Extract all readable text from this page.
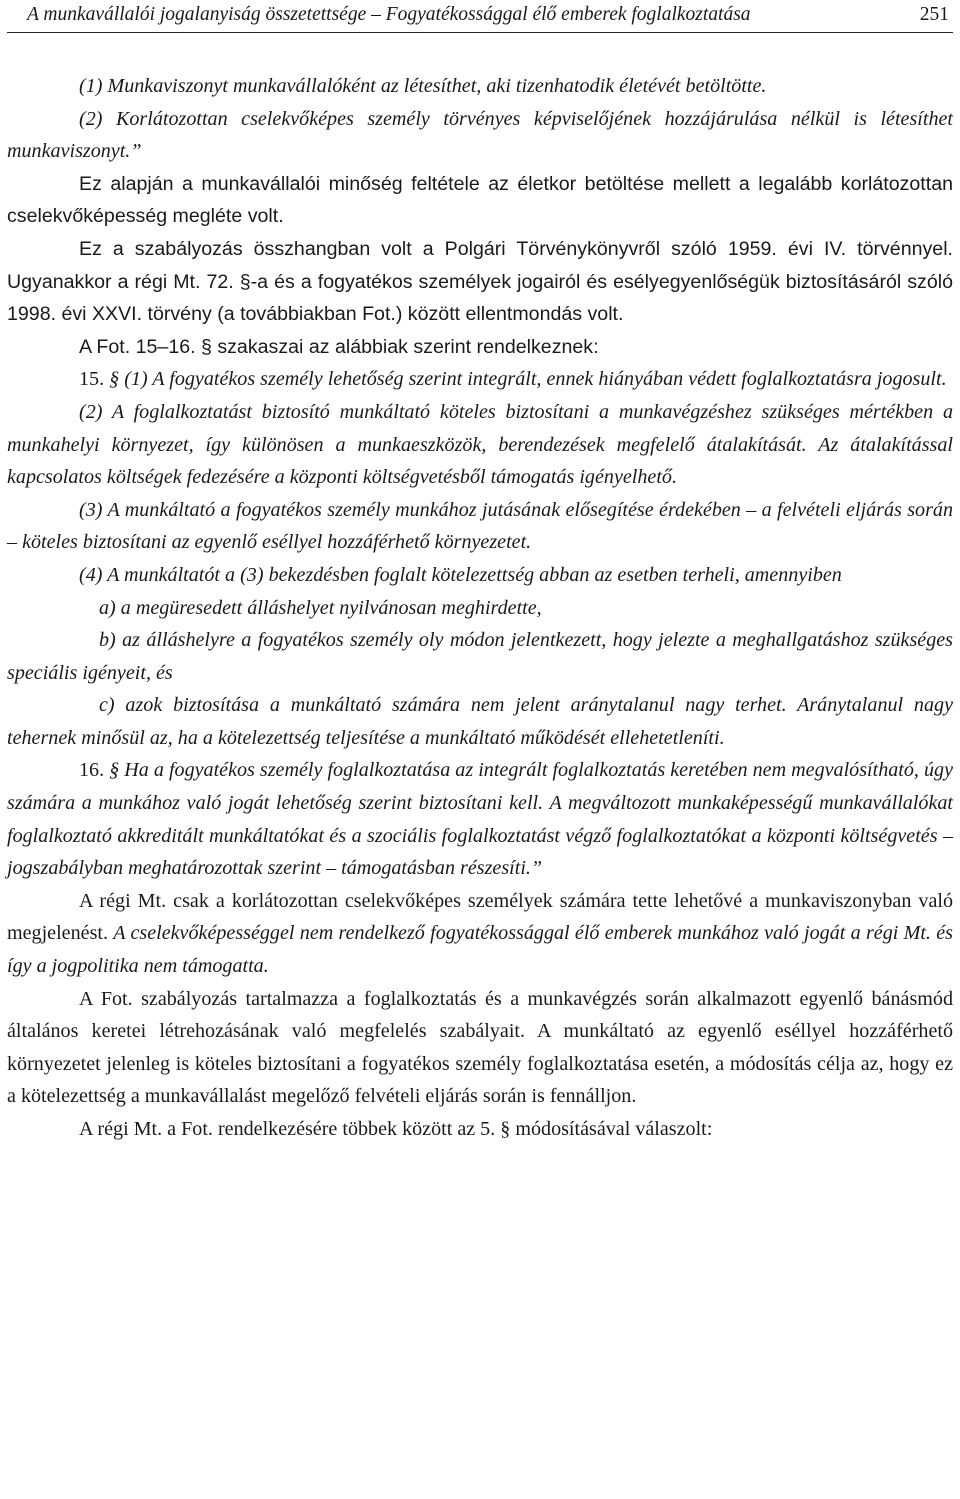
A munkavállalói jogalanyiság összetettsége – Fogyatékossággal élő emberek foglalkoztatása	251

(1) Munkaviszonyt munkavállalóként az létesíthet, aki tizenhatodik életévét betöltötte.

(2) Korlátozottan cselekvőképes személy törvényes képviselőjének hozzájárulása nélkül is létesíthet munkaviszonyt.”

Ez alapján a munkavállalói minőség feltétele az életkor betöltése mellett a legalább korlátozottan cselekvőképesség megléte volt.

Ez a szabályozás összhangban volt a Polgári Törvénykönyvről szóló 1959. évi IV. törvénnyel. Ugyanakkor a régi Mt. 72. §-a és a fogyatékos személyek jogairól és esélyegyenlőségük biztosításáról szóló 1998. évi XXVI. törvény (a továbbiakban Fot.) között ellentmondás volt.

A Fot. 15–16. § szakaszai az alábbiak szerint rendelkeznek:

15. § (1) A fogyatékos személy lehetőség szerint integrált, ennek hiányában védett foglalkoztatásra jogosult.

(2) A foglalkoztatást biztosító munkáltató köteles biztosítani a munkavégzéshez szükséges mértékben a munkahelyi környezet, így különösen a munkaeszközök, berendezések megfelelő átalakítását. Az átalakítással kapcsolatos költségek fedezésére a központi költségvetésből támogatás igényelhető.

(3) A munkáltató a fogyatékos személy munkához jutásának elősegítése érdekében – a felvételi eljárás során – köteles biztosítani az egyenlő eséllyel hozzáférhető környezetet.

(4) A munkáltatót a (3) bekezdésben foglalt kötelezettség abban az esetben terheli, amennyiben

a) a megüresedett álláshelyet nyilvánosan meghirdette,

b) az álláshelyre a fogyatékos személy oly módon jelentkezett, hogy jelezte a meghallgatáshoz szükséges speciális igényeit, és

c) azok biztosítása a munkáltató számára nem jelent aránytalanul nagy terhet. Aránytalanul nagy tehernek minősül az, ha a kötelezettség teljesítése a munkáltató működését ellehetetleníti.

16. § Ha a fogyatékos személy foglalkoztatása az integrált foglalkoztatás keretében nem megvalósítható, úgy számára a munkához való jogát lehetőség szerint biztosítani kell. A megváltozott munkaképességű munkavállalókat foglalkoztató akkreditált munkáltatókat és a szociális foglalkoztatást végző foglalkoztatókat a központi költségvetés – jogszabályban meghatározottak szerint – támogatásban részesíti.”

A régi Mt. csak a korlátozottan cselekvőképes személyek számára tette lehetővé a munkaviszonyban való megjelenést. A cselekvőképességgel nem rendelkező fogyatékossággal élő emberek munkához való jogát a régi Mt. és így a jogpolitika nem támogatta.

A Fot. szabályozás tartalmazza a foglalkoztatás és a munkavégzés során alkalmazott egyenlő bánásmód általános keretei létrehozásának való megfelelés szabályait. A munkáltató az egyenlő eséllyel hozzáférhető környezetet jelenleg is köteles biztosítani a fogyatékos személy foglalkoztatása esetén, a módosítás célja az, hogy ez a kötelezettség a munkavállalást megelőző felvételi eljárás során is fennálljon.

A régi Mt. a Fot. rendelkezésére többek között az 5. § módosításával válaszolt:
